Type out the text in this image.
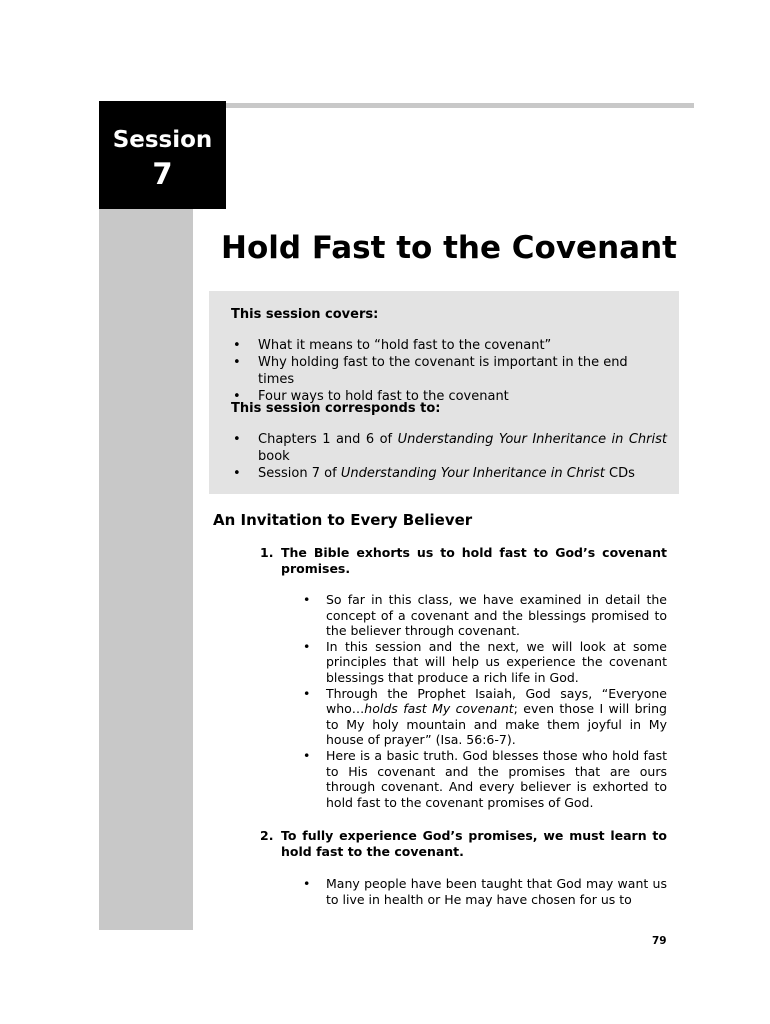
Session
7
Hold Fast to the Covenant
This session covers:
• What it means to “hold fast to the covenant”
• Why holding fast to the covenant is important in the end times
• Four ways to hold fast to the covenant
This session corresponds to:
• Chapters 1 and 6 of Understanding Your Inheritance in Christ book
• Session 7 of Understanding Your Inheritance in Christ CDs
An Invitation to Every Believer
1. The Bible exhorts us to hold fast to God’s covenant promises.
• So far in this class, we have examined in detail the concept of a covenant and the blessings promised to the believer through covenant.
• In this session and the next, we will look at some principles that will help us experience the covenant blessings that produce a rich life in God.
• Through the Prophet Isaiah, God says, “Everyone who…holds fast My covenant; even those I will bring to My holy mountain and make them joyful in My house of prayer” (Isa. 56:6-7).
• Here is a basic truth. God blesses those who hold fast to His covenant and the promises that are ours through covenant. And every believer is exhorted to hold fast to the covenant promises of God.
2. To fully experience God’s promises, we must learn to hold fast to the covenant.
• Many people have been taught that God may want us to live in health or He may have chosen for us to
79
